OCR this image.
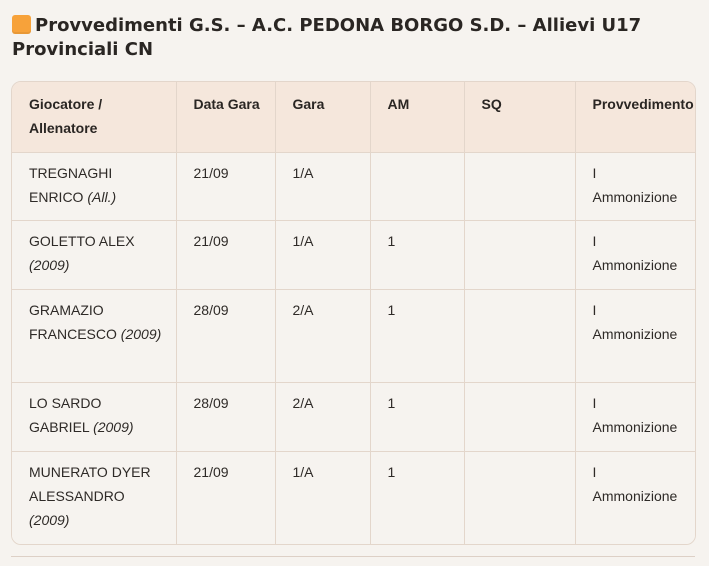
Provvedimenti G.S. – A.C. PEDONA BORGO S.D. – Allievi U17 Provinciali CN
Giocatore / Allenatore	Data Gara	Gara	AM	SQ	Provvedimento
TREGNAGHI ENRICO (All.)	21/09	1/A			I Ammonizione
GOLETTO ALEX (2009)	21/09	1/A	1		I Ammonizione
GRAMAZIO FRANCESCO (2009)	28/09	2/A	1		I Ammonizione
LO SARDO GABRIEL (2009)	28/09	2/A	1		I Ammonizione
MUNERATO DYER ALESSANDRO (2009)	21/09	1/A	1		I Ammonizione
